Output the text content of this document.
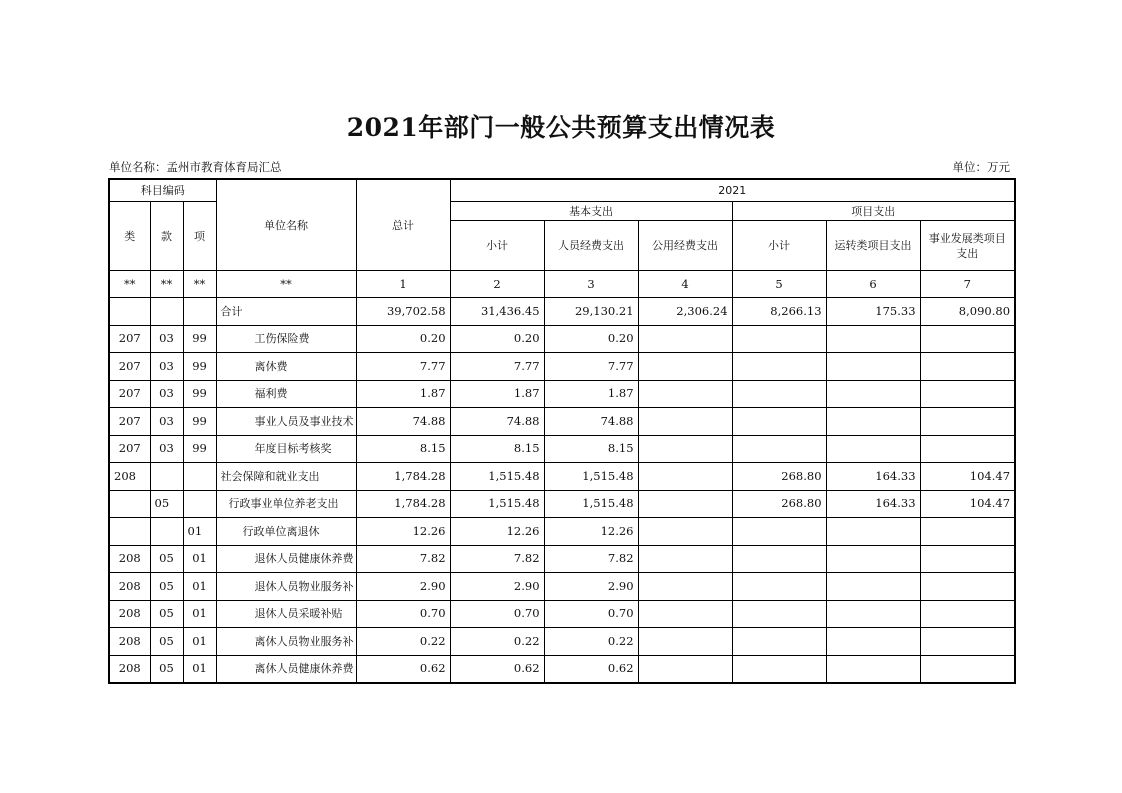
2021年部门一般公共预算支出情况表
单位名称：孟州市教育体育局汇总	单位：万元
科目编码			单位名称	总计	2021					
类	款	项			基本支出			项目支出		
					小计	人员经费支出	公用经费支出	小计	运转类项目支出	事业发展类项目支出
**	**	**	**	1	2	3	4	5	6	7
			合计	39,702.58	31,436.45	29,130.21	2,306.24	8,266.13	175.33	8,090.80
207	03	99	工伤保险费	0.20	0.20	0.20				
207	03	99	离休费	7.77	7.77	7.77				
207	03	99	福利费	1.87	1.87	1.87				
207	03	99	事业人员及事业技术	74.88	74.88	74.88				
207	03	99	年度目标考核奖	8.15	8.15	8.15				
208			社会保障和就业支出	1,784.28	1,515.48	1,515.48		268.80	164.33	104.47
	05		行政事业单位养老支出	1,784.28	1,515.48	1,515.48		268.80	164.33	104.47
		01	行政单位离退休	12.26	12.26	12.26				
208	05	01	退休人员健康休养费	7.82	7.82	7.82				
208	05	01	退休人员物业服务补	2.90	2.90	2.90				
208	05	01	退休人员采暖补贴	0.70	0.70	0.70				
208	05	01	离休人员物业服务补	0.22	0.22	0.22				
208	05	01	离休人员健康休养费	0.62	0.62	0.62				
